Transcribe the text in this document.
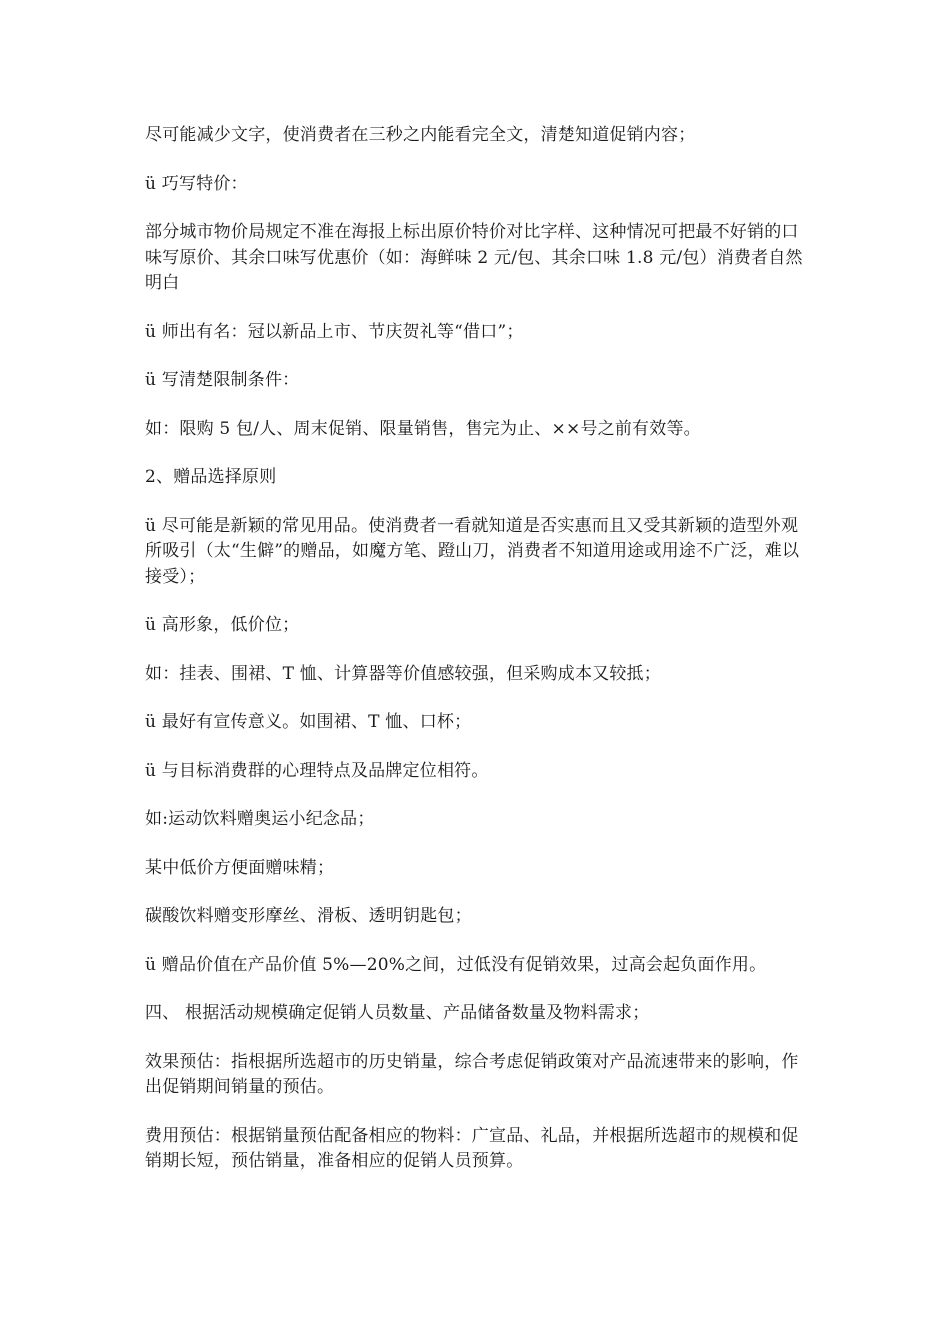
尽可能减少文字，使消费者在三秒之内能看完全文，清楚知道促销内容；

ü 巧写特价：

部分城市物价局规定不准在海报上标出原价特价对比字样、这种情况可把最不好销的口味写原价、其余口味写优惠价（如：海鲜味 2 元/包、其余口味 1.8 元/包）消费者自然明白

ü 师出有名：冠以新品上市、节庆贺礼等“借口”；

ü 写清楚限制条件：

如：限购 5 包/人、周末促销、限量销售，售完为止、××号之前有效等。

2、赠品选择原则

ü 尽可能是新颖的常见用品。使消费者一看就知道是否实惠而且又受其新颖的造型外观所吸引（太“生僻”的赠品，如魔方笔、蹬山刀，消费者不知道用途或用途不广泛，难以接受）；

ü 高形象，低价位；

如：挂表、围裙、T 恤、计算器等价值感较强，但采购成本又较抵；

ü 最好有宣传意义。如围裙、T 恤、口杯；

ü 与目标消费群的心理特点及品牌定位相符。

如:运动饮料赠奥运小纪念品；

某中低价方便面赠味精；

碳酸饮料赠变形摩丝、滑板、透明钥匙包；

ü 赠品价值在产品价值 5%—20%之间，过低没有促销效果，过高会起负面作用。

四、 根据活动规模确定促销人员数量、产品储备数量及物料需求；

效果预估：指根据所选超市的历史销量，综合考虑促销政策对产品流速带来的影响，作出促销期间销量的预估。

费用预估：根据销量预估配备相应的物料：广宣品、礼品，并根据所选超市的规模和促销期长短，预估销量，准备相应的促销人员预算。
